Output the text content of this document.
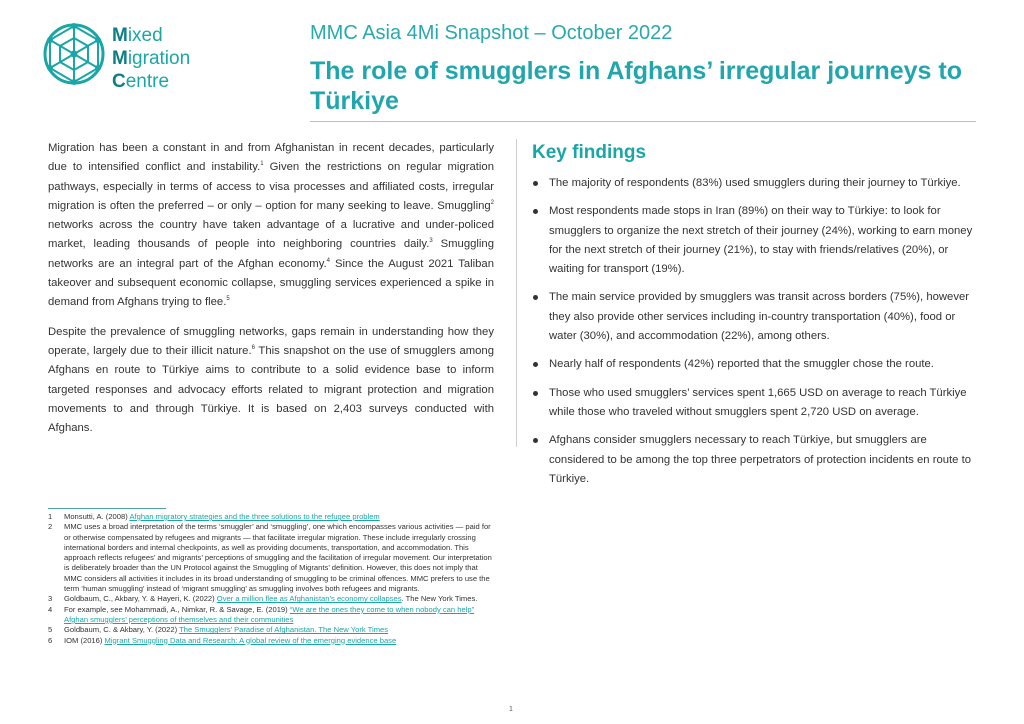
Mixed
Migration
Centre
MMC Asia 4Mi Snapshot – October 2022
The role of smugglers in Afghans’ irregular journeys to Türkiye

Migration has been a constant in and from Afghanistan in recent decades, particularly due to intensified conflict and instability.$^1$ Given the restrictions on regular migration pathways, especially in terms of access to visa processes and affiliated costs, irregular migration is often the preferred – or only – option for many seeking to leave. Smuggling$^2$ networks across the country have taken advantage of a lucrative and under-policed market, leading thousands of people into neighboring countries daily.$^3$ Smuggling networks are an integral part of the Afghan economy.$^4$ Since the August 2021 Taliban takeover and subsequent economic collapse, smuggling services experienced a spike in demand from Afghans trying to flee.$^5$

Despite the prevalence of smuggling networks, gaps remain in understanding how they operate, largely due to their illicit nature.$^6$ This snapshot on the use of smugglers among Afghans en route to Türkiye aims to contribute to a solid evidence base to inform targeted responses and advocacy efforts related to migrant protection and migration movements to and through Türkiye. It is based on 2,403 surveys conducted with Afghans.

Key findings
The majority of respondents (83%) used smugglers during their journey to Türkiye.
Most respondents made stops in Iran (89%) on their way to Türkiye: to look for smugglers to organize the next stretch of their journey (24%), working to earn money for the next stretch of their journey (21%), to stay with friends/relatives (20%), or waiting for transport (19%).
The main service provided by smugglers was transit across borders (75%), however they also provide other services including in-country transportation (40%), food or water (30%), and accommodation (22%), among others.
Nearly half of respondents (42%) reported that the smuggler chose the route.
Those who used smugglers’ services spent 1,665 USD on average to reach Türkiye while those who traveled without smugglers spent 2,720 USD on average.
Afghans consider smugglers necessary to reach Türkiye, but smugglers are considered to be among the top three perpetrators of protection incidents en route to Türkiye.
1	Monsutti, A. (2008) Afghan migratory strategies and the three solutions to the refugee problem
2	MMC uses a broad interpretation of the terms ‘smuggler’ and ‘smuggling’, one which encompasses various activities — paid for or otherwise compensated by refugees and migrants — that facilitate irregular migration. These include irregularly crossing international borders and internal checkpoints, as well as providing documents, transportation, and accommodation. This approach reflects refugees’ and migrants’ perceptions of smuggling and the facilitation of irregular movement. Our interpretation is deliberately broader than the UN Protocol against the Smuggling of Migrants’ definition. However, this does not imply that MMC considers all activities it includes in its broad understanding of smuggling to be criminal offences. MMC prefers to use the term ‘human smuggling’ instead of ‘migrant smuggling’ as smuggling involves both refugees and migrants.
3	Goldbaum, C., Akbary, Y. & Hayeri, K. (2022) Over a million flee as Afghanistan’s economy collapses. The New York Times.
4	For example, see Mohammadi, A., Nimkar, R. & Savage, E. (2019) “We are the ones they come to when nobody can help” Afghan smugglers’ perceptions of themselves and their communities
5	Goldbaum, C. & Akbary, Y. (2022) The Smugglers’ Paradise of Afghanistan. The New York Times
6	IOM (2016) Migrant Smuggling Data and Research: A global review of the emerging evidence base
1
